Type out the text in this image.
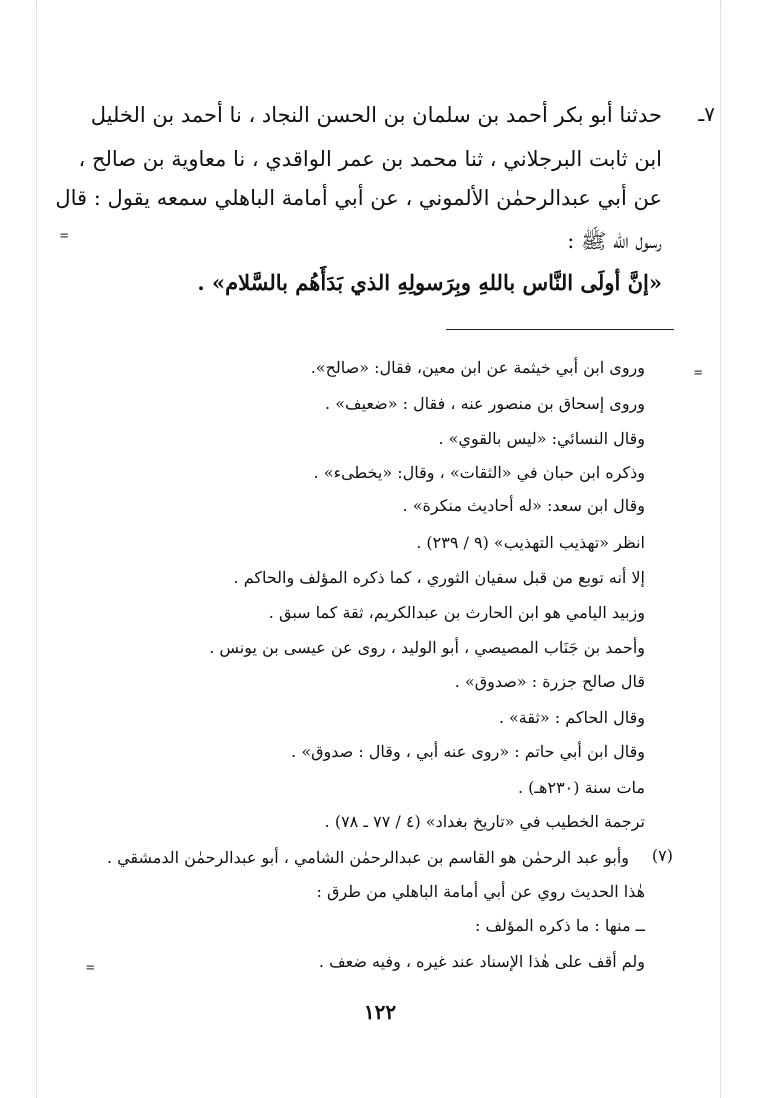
=
=
=
٧ـ
حدثنا أبو بكر أحمد بن سلمان بن الحسن النجاد ، نا أحمد بن الخليل
ابن ثابت البرجلاني ، ثنا محمد بن عمر الواقدي ، نا معاوية بن صالح ،
عن أبي عبدالرحمٰن الألموني ، عن أبي أمامة الباهلي سمعه يقول : قال
رسول الله ﷺ :
«إنَّ أولَى النَّاس باللهِ وبِرَسولِهِ الذي بَدَأَهُم بالسَّلام» .
وروى ابن أبي خيثمة عن ابن معين، فقال: «صالح».
وروى إسحاق بن منصور عنه ، فقال : «ضعيف» .
وقال النسائي: «ليس بالقوي» .
وذكره ابن حبان في «الثقات» ، وقال: «يخطىء» .
وقال ابن سعد: «له أحاديث منكرة» .
انظر «تهذيب التهذيب» (٩ / ٢٣٩) .
إلا أنه توبع من قبل سفيان الثوري ، كما ذكره المؤلف والحاكم .
وزبيد اليامي هو ابن الحارث بن عبدالكريم، ثقة كما سبق .
وأحمد بن جَنَاب المصيصي ، أبو الوليد ، روى عن عيسى بن يونس .
قال صالح جزرة : «صدوق» .
وقال الحاكم : «ثقة» .
وقال ابن أبي حاتم : «روى عنه أبي ، وقال : صدوق» .
مات سنة (٢٣٠هـ) .
ترجمة الخطيب في «تاريخ بغداد» (٤ / ٧٧ ـ ٧٨) .
(٧)
وأبو عبد الرحمٰن هو القاسم بن عبدالرحمٰن الشامي ، أبو عبدالرحمٰن الدمشقي .
هٰذا الحديث روي عن أبي أمامة الباهلي من طرق :
ــ منها : ما ذكره المؤلف :
ولم أقف على هٰذا الإسناد عند غيره ، وفيه ضعف .
١٢٢
